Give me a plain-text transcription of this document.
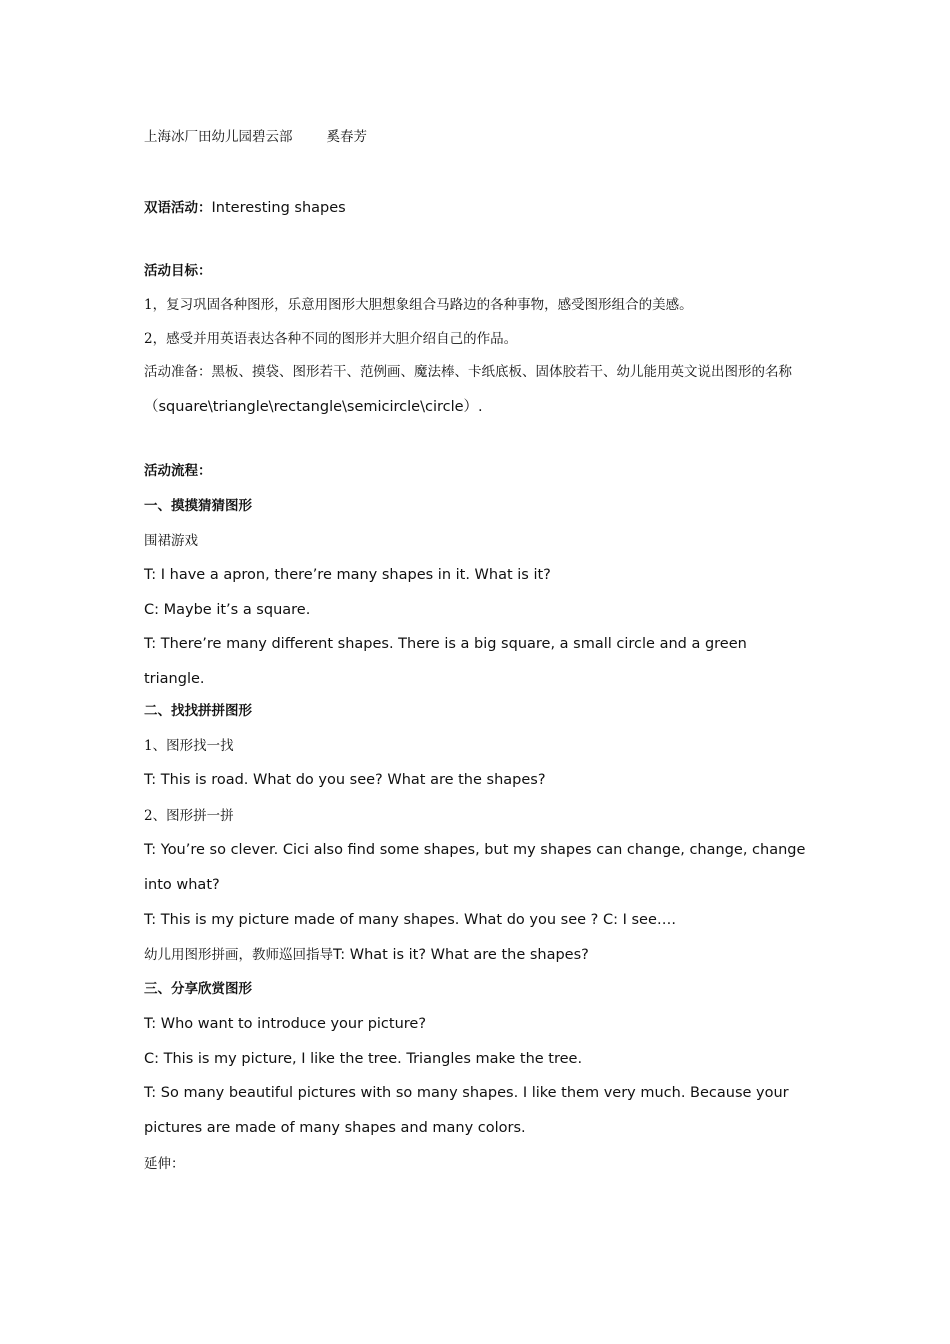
上海冰厂田幼儿园碧云部	奚春芳

双语活动：Interesting shapes

活动目标：

1，复习巩固各种图形，乐意用图形大胆想象组合马路边的各种事物，感受图形组合的美感。

2，感受并用英语表达各种不同的图形并大胆介绍自己的作品。

活动准备：黑板、摸袋、图形若干、范例画、魔法棒、卡纸底板、固体胶若干、幼儿能用英文说出图形的名称

（square\triangle\rectangle\semicircle\circle）.

活动流程：

一、摸摸猜猜图形

围裙游戏

T: I have a apron, there’re many shapes in it. What is it?

C: Maybe it’s a square.

T: There’re many different shapes. There is a big square, a small circle and a green

triangle.

二、找找拼拼图形

1、图形找一找

T: This is road. What do you see? What are the shapes?

2、图形拼一拼

T: You’re so clever. Cici also find some shapes, but my shapes can change, change, change

into what?

T: This is my picture made of many shapes. What do you see ? C: I see….

幼儿用图形拼画，教师巡回指导T: What is it? What are the shapes?

三、分享欣赏图形

T: Who want to introduce your picture?

C: This is my picture, I like the tree. Triangles make the tree.

T: So many beautiful pictures with so many shapes. I like them very much. Because your

pictures are made of many shapes and many colors.

延伸：
